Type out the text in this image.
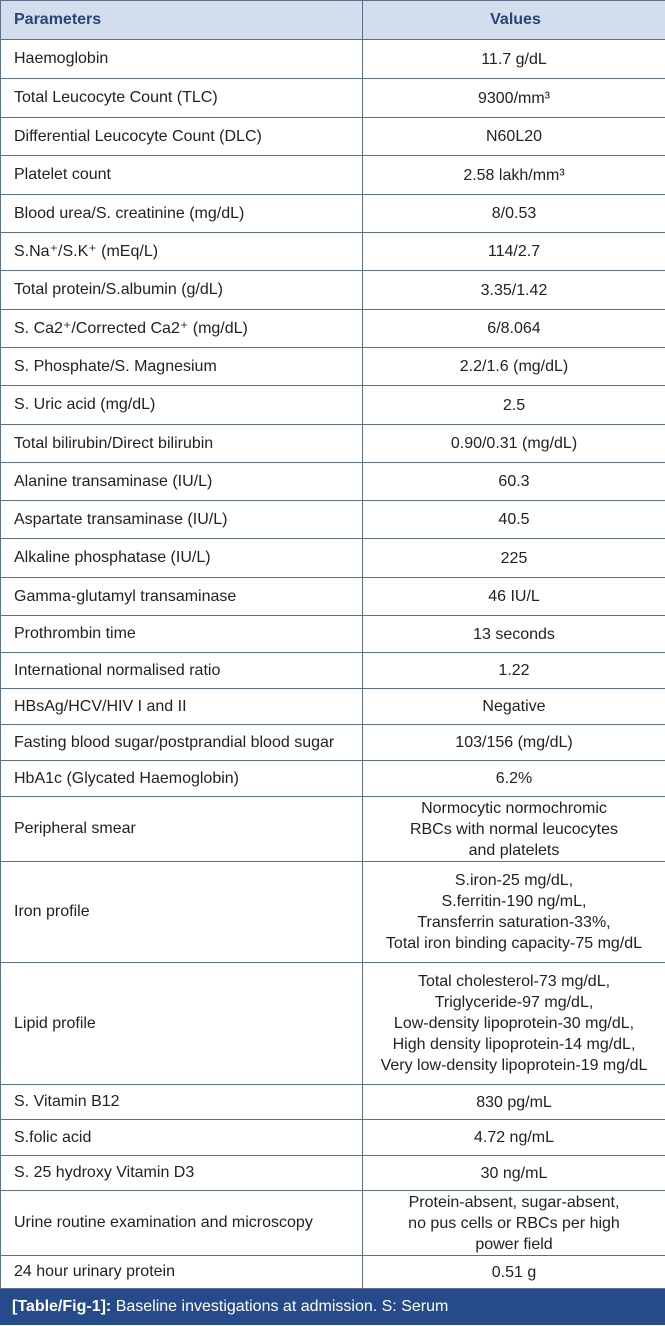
Parameters	Values
Haemoglobin	11.7 g/dL
Total Leucocyte Count (TLC)	9300/mm³
Differential Leucocyte Count (DLC)	N60L20
Platelet count	2.58 lakh/mm³
Blood urea/S. creatinine (mg/dL)	8/0.53
S.Na⁺/S.K⁺ (mEq/L)	114/2.7
Total protein/S.albumin (g/dL)	3.35/1.42
S. Ca2⁺/Corrected Ca2⁺ (mg/dL)	6/8.064
S. Phosphate/S. Magnesium	2.2/1.6 (mg/dL)
S. Uric acid (mg/dL)	2.5
Total bilirubin/Direct bilirubin	0.90/0.31 (mg/dL)
Alanine transaminase (IU/L)	60.3
Aspartate transaminase (IU/L)	40.5
Alkaline phosphatase (IU/L)	225
Gamma-glutamyl transaminase	46 IU/L
Prothrombin time	13 seconds
International normalised ratio	1.22
HBsAg/HCV/HIV I and II	Negative
Fasting blood sugar/postprandial blood sugar	103/156 (mg/dL)
HbA1c (Glycated Haemoglobin)	6.2%
Peripheral smear	Normocytic normochromic
RBCs with normal leucocytes
and platelets
Iron profile	S.iron-25 mg/dL,
S.ferritin-190 ng/mL,
Transferrin saturation-33%,
Total iron binding capacity-75 mg/dL
Lipid profile	Total cholesterol-73 mg/dL,
Triglyceride-97 mg/dL,
Low-density lipoprotein-30 mg/dL,
High density lipoprotein-14 mg/dL,
Very low-density lipoprotein-19 mg/dL
S. Vitamin B12	830 pg/mL
S.folic acid	4.72 ng/mL
S. 25 hydroxy Vitamin D3	30 ng/mL
Urine routine examination and microscopy	Protein-absent, sugar-absent,
no pus cells or RBCs per high
power field
24 hour urinary protein	0.51 g
[Table/Fig-1]: Baseline investigations at admission. S: Serum
